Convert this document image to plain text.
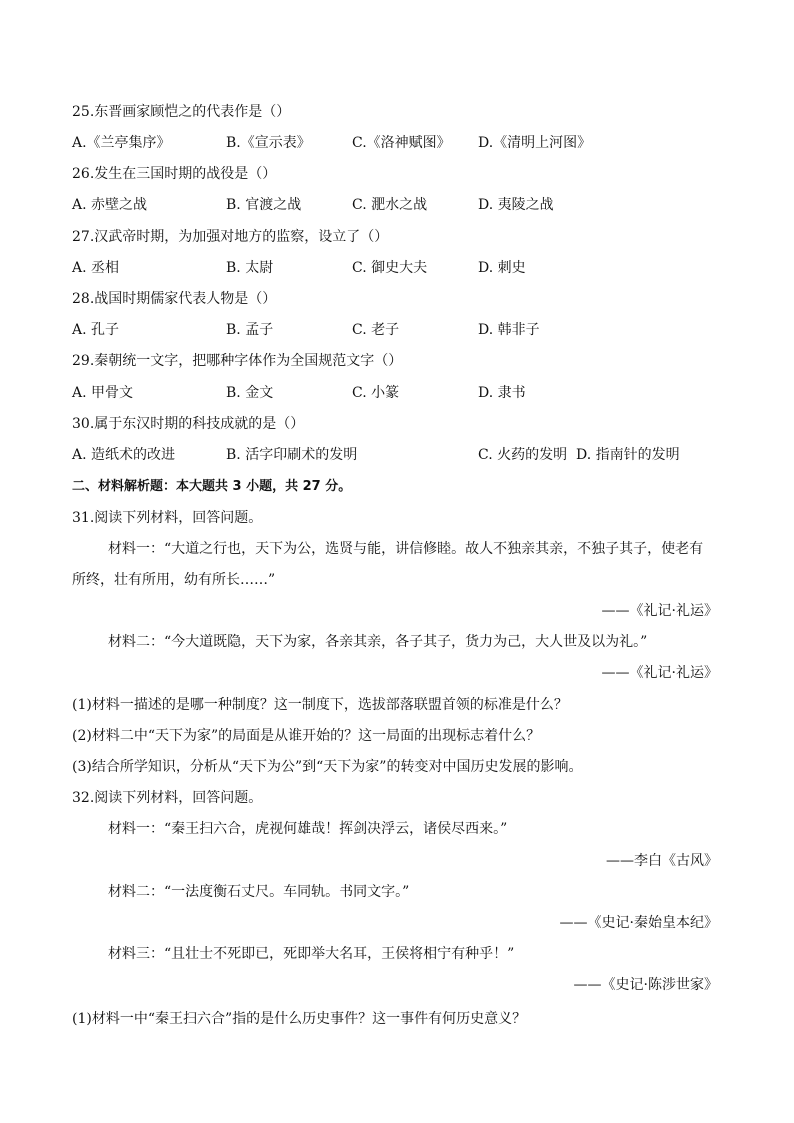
25.东晋画家顾恺之的代表作是（）
A.《兰亭集序》	B.《宣示表》	C.《洛神赋图》 D.《清明上河图》
26.发生在三国时期的战役是（）
A. 赤壁之战	B. 官渡之战	C. 淝水之战	D. 夷陵之战
27.汉武帝时期，为加强对地方的监察，设立了（）
A. 丞相	B. 太尉	C. 御史大夫	D. 刺史
28.战国时期儒家代表人物是（）
A. 孔子	B. 孟子	C. 老子	D. 韩非子
29.秦朝统一文字，把哪种字体作为全国规范文字（）
A. 甲骨文	B. 金文	C. 小篆	D. 隶书
30.属于东汉时期的科技成就的是（）
A. 造纸术的改进	B. 活字印刷术的发明	C. 火药的发明 D. 指南针的发明
二、材料解析题：本大题共 3 小题，共 27 分。
31.阅读下列材料，回答问题。
材料一：“大道之行也，天下为公，选贤与能，讲信修睦。故人不独亲其亲，不独子其子，使老有
所终，壮有所用，幼有所长……”
——《礼记·礼运》
材料二：“今大道既隐，天下为家，各亲其亲，各子其子，货力为己，大人世及以为礼。”
——《礼记·礼运》
(1)材料一描述的是哪一种制度？这一制度下，选拔部落联盟首领的标准是什么？
(2)材料二中“天下为家”的局面是从谁开始的？这一局面的出现标志着什么？
(3)结合所学知识，分析从“天下为公”到“天下为家”的转变对中国历史发展的影响。
32.阅读下列材料，回答问题。
材料一：“秦王扫六合，虎视何雄哉！挥剑决浮云，诸侯尽西来。”
——李白《古风》
材料二：“一法度衡石丈尺。车同轨。书同文字。”
——《史记·秦始皇本纪》
材料三：“且壮士不死即已，死即举大名耳，王侯将相宁有种乎！”
——《史记·陈涉世家》
(1)材料一中“秦王扫六合”指的是什么历史事件？这一事件有何历史意义？
